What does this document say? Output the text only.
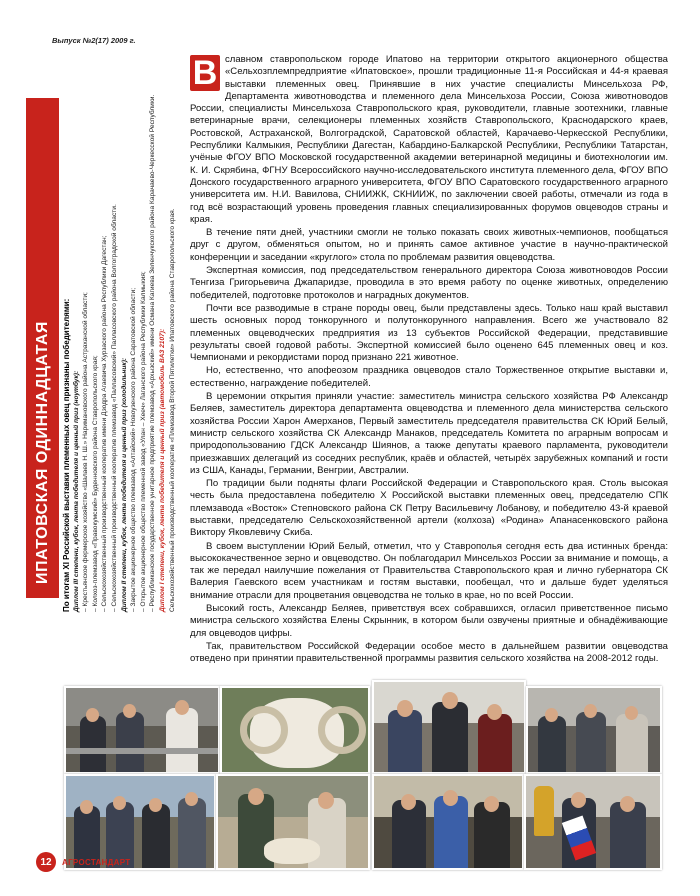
Выпуск №2(17) 2009 г.
ИПАТОВСКАЯ ОДИННАДЦАТАЯ	По итогам XI Российской выставки племенных овец признаны победителями: Диплом III степени, кубок, лента победителя и ценный приз (ноутбук): – Крестьянское фермерское хозяйство «Шалаев Н. Ш.» Наримановского района Астраханской области; – Колхоз-племзавод «Правокумский» Буденновского района Ставропольского края; – Сельскохозяйственный производственный кооператив имени Дзодра Агаевича Хурзаского района Республики Дагестан; – Сельскохозяйственный производственный кооператив племзавод «Палласовский» Палласовского района Волгоградской области. Диплом II степени, кубок, лента победителя и ценный приз (холодильник): – Закрытое акционерное общество племзавод «Алтайский» Новоузенского района Саратовской области; – Открытое акционерное общество племенной завод «Улан – Хееч» Лаганского района Республики Калмыкия; – Республиканское государственное унитарное предприятие племзавод «Архызский» имени Османа Кагиева Зеленчукского района Карачаево-Черкесской Республики. Диплом I степени, кубок, лента победителя и ценный приз (автомобиль ВАЗ 2107): Сельскохозяйственный производственный кооператив «Племзавод Второй Пятилетки» Ипатовского района Ставропольского края.

В славном ставропольском городе Ипатово на территории открытого акционерного общества «Сельхозплемпредприятие «Ипатовское», прошли традиционные 11-я Российская и 44-я краевая выставки племенных овец. Принявшие в них участие специалисты Минсельхоза РФ, Департамента животноводства и племенного дела Минсельхоза России, Союза животноводов России, специалисты Минсельхоза Ставропольского края, руководители, главные зоотехники, главные ветеринарные врачи, селекционеры племенных хозяйств Ставропольского, Краснодарского краев, Ростовской, Астраханской, Волгоградской, Саратовской областей, Карачаево-Черкесской Республики, Республики Калмыкия, Республики Дагестан, Кабардино-Балкарской Республики, Республики Татарстан, учёные ФГОУ ВПО Московской государственной академии ветеринарной медицины и биотехнологии им. К. И. Скрябина, ФГНУ Всероссийского научно-исследовательского института племенного дела, ФГОУ ВПО Донского государственного аграрного университета, ФГОУ ВПО Саратовского государственного аграрного университета им. Н.И. Вавилова, СНИИЖК, СКНИИЖ, по заключении своей работы, отмечали из года в год всё возрастающий уровень проведения главных специализированных форумов овцеводов страны и края.

В течение пяти дней, участники смогли не только показать своих животных-чемпионов, пообщаться друг с другом, обменяться опытом, но и принять самое активное участие в научно-практической конференции и заседании «круглого» стола по проблемам развития овцеводства.

Экспертная комиссия, под председательством генерального директора Союза животноводов России Тенгиза Григорьевича Джапаридзе, проводила в это время работу по оценке животных, определению победителей, подготовке протоколов и наградных документов.

Почти все разводимые в стране породы овец, были представлены здесь. Только наш край выставил шесть основных пород тонкорунного и полутонкорунного направления. Всего же участвовало 82 племенных овцеводческих предприятия из 13 субъектов Российской Федерации, представившие результаты своей годовой работы. Экспертной комиссией было оценено 645 племенных овец и коз. Чемпионами и рекордистами пород признано 221 животное.

Но, естественно, что апофеозом праздника овцеводов стало Торжественное открытие выставки и, естественно, награждение победителей.

В церемонии открытия приняли участие: заместитель министра сельского хозяйства РФ Александр Беляев, заместитель директора департамента овцеводства и племенного дела министерства сельского хозяйства России Харон Амерханов, Первый заместитель председателя правительства СК Юрий Белый, министр сельского хозяйства СК Александр Манаков, председатель Комитета по аграрным вопросам и природопользованию ГДСК Александр Шиянов, а также депутаты краевого парламента, руководители приезжавших делегаций из соседних республик, краёв и областей, четырёх зарубежных компаний и гости из США, Канады, Германии, Венгрии, Австралии.

По традиции были подняты флаги Российской Федерации и Ставропольского края. Столь высокая честь была предоставлена победителю X Российской выставки племенных овец, председателю СПК племзавода «Восток» Степновского района СК Петру Васильевичу Лобанову, и победителю 43-й краевой выставки, председателю Сельскохозяйственной артели (колхоза) «Родина» Апанасенковского района Виктору Яковлевичу Скиба.

В своем выступлении Юрий Белый, отметил, что у Ставрополья сегодня есть два истинных бренда: высококачественное зерно и овцеводство. Он поблагодарил Минсельхоз России за внимание и помощь, а так же передал наилучшие пожелания от Правительства Ставропольского края и лично губернатора СК Валерия Гаевского всем участникам и гостям выставки, пообещал, что и дальше будет уделяться внимание отрасли для процветания овцеводства не только в крае, но по всей России.

Высокий гость, Александр Беляев, приветствуя всех собравшихся, огласил приветственное письмо министра сельского хозяйства Елены Скрынник, в котором были озвучены приятные и обнадёживающие для овцеводов цифры.

Так, правительством Российской Федерации особое место в дальнейшем развитии овцеводства отведено при принятии правительственной программы развития сельского хозяйства на 2008-2012 годы.

12	АГРОСТАНДАРТ
